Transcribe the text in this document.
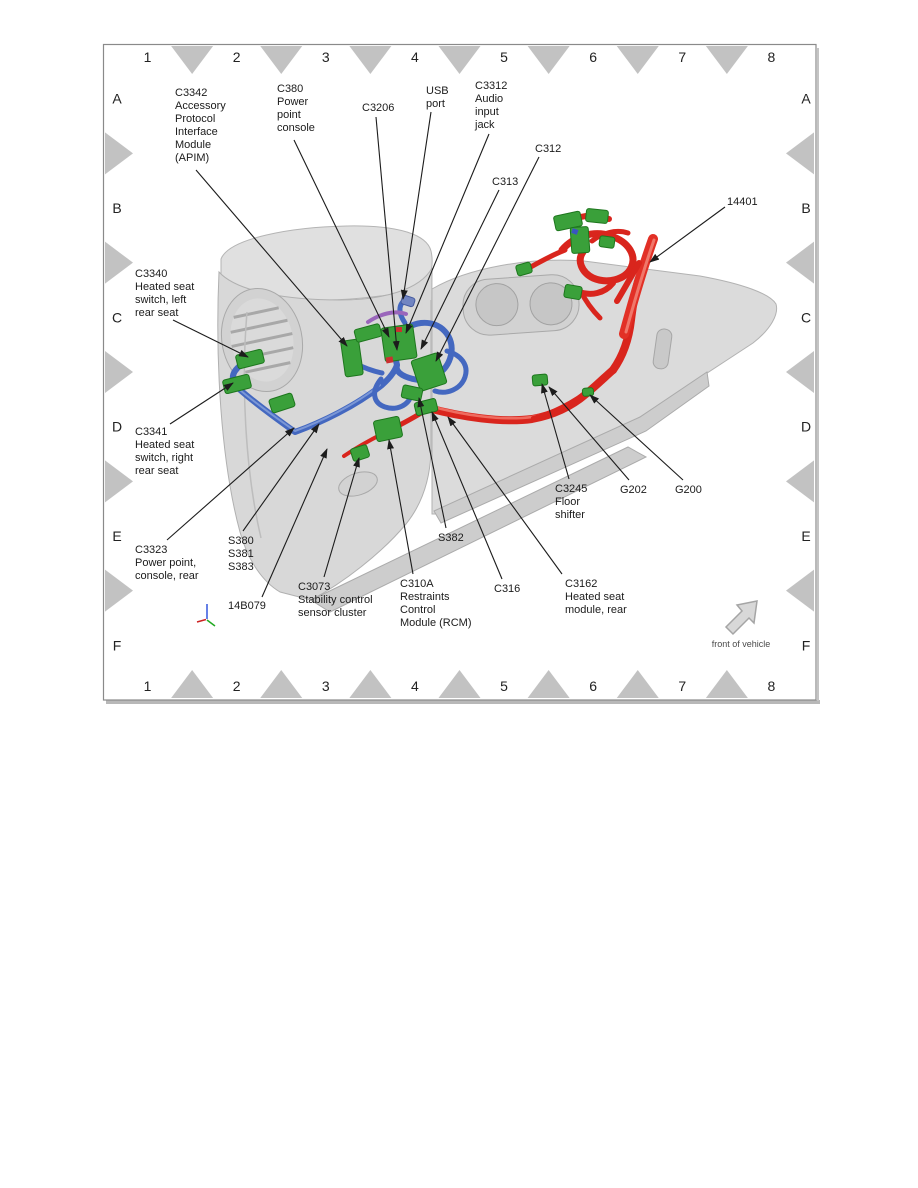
1
1
2
2
3
3
4
4
5
5
6
6
7
7
8
8
A	A
B	B
C	C
D	D
E	E
F	F
C3342 Accessory Protocol Interface Module (APIM)
C380 Power point console
C3206
USB port
C3312 Audio input jack
C312
C313
14401
C3340 Heated seat switch, left rear seat
C3341 Heated seat switch, right rear seat
C3323 Power point, console, rear
S380 S381 S383
14B079
C3073 Stability control sensor cluster
C310A Restraints Control Module (RCM)
S382
C316	C3162 Heated seat module, rear
C3245 Floor shifter
G202	G200
front of vehicle
